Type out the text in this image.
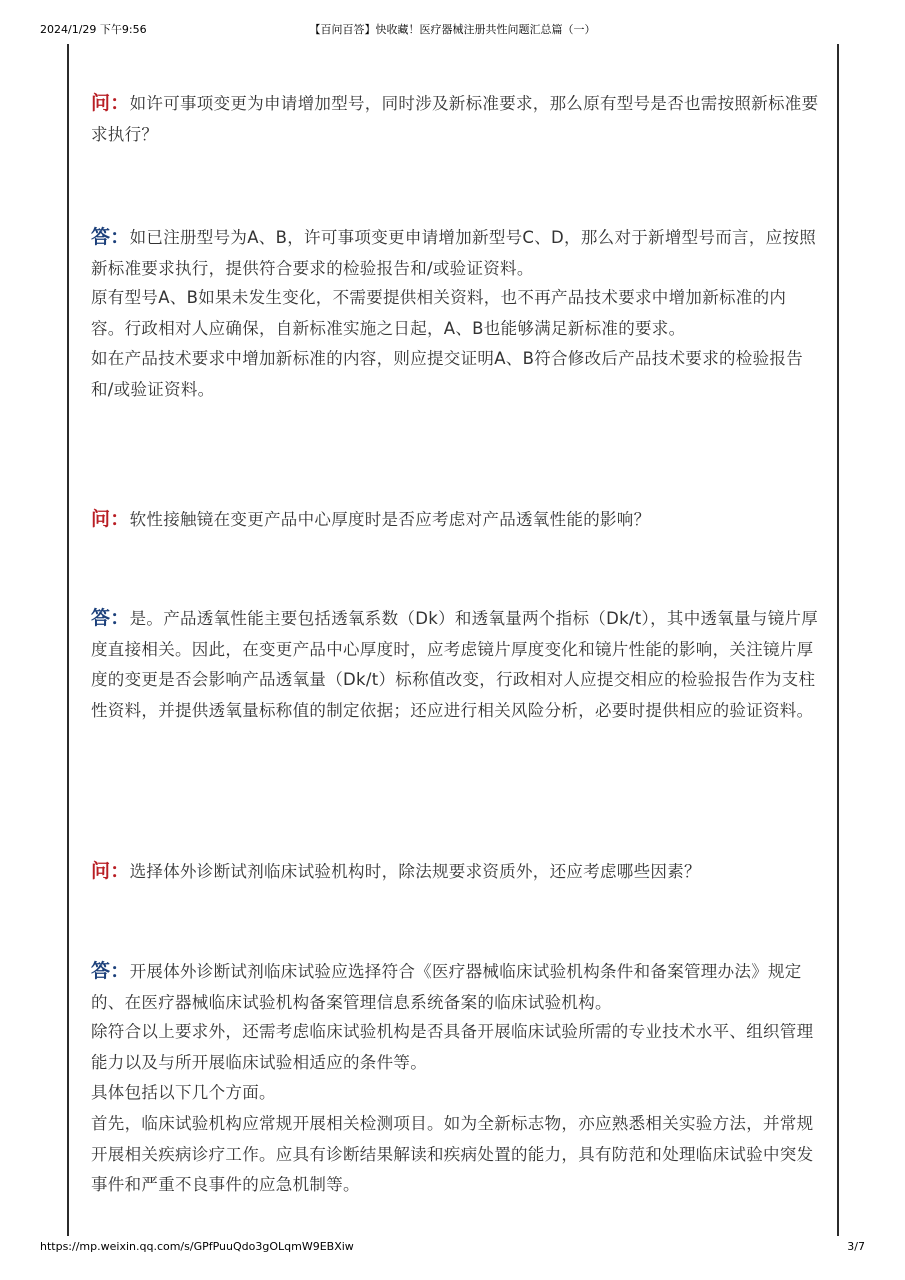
2024/1/29 下午9:56	【百问百答】快收藏！医疗器械注册共性问题汇总篇（一）

问：如许可事项变更为申请增加型号，同时涉及新标准要求，那么原有型号是否也需按照新标准要求执行？

答：如已注册型号为A、B，许可事项变更申请增加新型号C、D，那么对于新增型号而言，应按照新标准要求执行，提供符合要求的检验报告和/或验证资料。

原有型号A、B如果未发生变化，不需要提供相关资料，也不再产品技术要求中增加新标准的内容。行政相对人应确保，自新标准实施之日起，A、B也能够满足新标准的要求。

如在产品技术要求中增加新标准的内容，则应提交证明A、B符合修改后产品技术要求的检验报告和/或验证资料。

问：软性接触镜在变更产品中心厚度时是否应考虑对产品透氧性能的影响？

答：是。产品透氧性能主要包括透氧系数（Dk）和透氧量两个指标（Dk/t），其中透氧量与镜片厚度直接相关。因此，在变更产品中心厚度时，应考虑镜片厚度变化和镜片性能的影响，关注镜片厚度的变更是否会影响产品透氧量（Dk/t）标称值改变，行政相对人应提交相应的检验报告作为支柱性资料，并提供透氧量标称值的制定依据；还应进行相关风险分析，必要时提供相应的验证资料。

问：选择体外诊断试剂临床试验机构时，除法规要求资质外，还应考虑哪些因素？

答：开展体外诊断试剂临床试验应选择符合《医疗器械临床试验机构条件和备案管理办法》规定的、在医疗器械临床试验机构备案管理信息系统备案的临床试验机构。

除符合以上要求外，还需考虑临床试验机构是否具备开展临床试验所需的专业技术水平、组织管理能力以及与所开展临床试验相适应的条件等。

具体包括以下几个方面。

首先，临床试验机构应常规开展相关检测项目。如为全新标志物，亦应熟悉相关实验方法，并常规开展相关疾病诊疗工作。应具有诊断结果解读和疾病处置的能力，具有防范和处理临床试验中突发事件和严重不良事件的应急机制等。

https://mp.weixin.qq.com/s/GPfPuuQdo3gOLqmW9EBXiw	3/7
